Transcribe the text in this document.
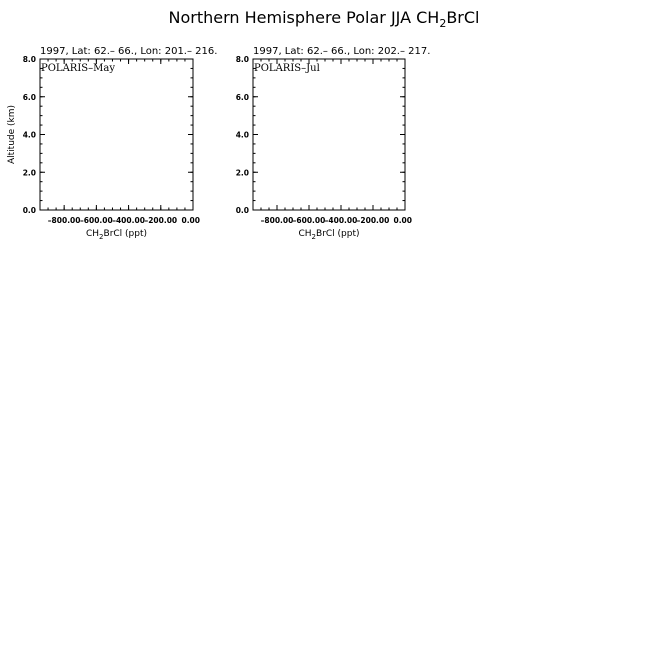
Northern Hemisphere Polar JJA $CH_2BrCl$
1997, Lat: 62.– 66., Lon: 201.– 216.
POLARIS–May
–800.00 –600.00 –400.00 –200.00 0.00
0.0
2.0
4.0
6.0
8.0
$CH_2BrCl$ (ppt)
Altitude (km)
1997, Lat: 62.– 66., Lon: 202.– 217.
POLARIS–Jul
–800.00 –600.00 –400.00 –200.00 0.00
0.0
2.0
4.0
6.0
8.0
$CH_2BrCl$ (ppt)
